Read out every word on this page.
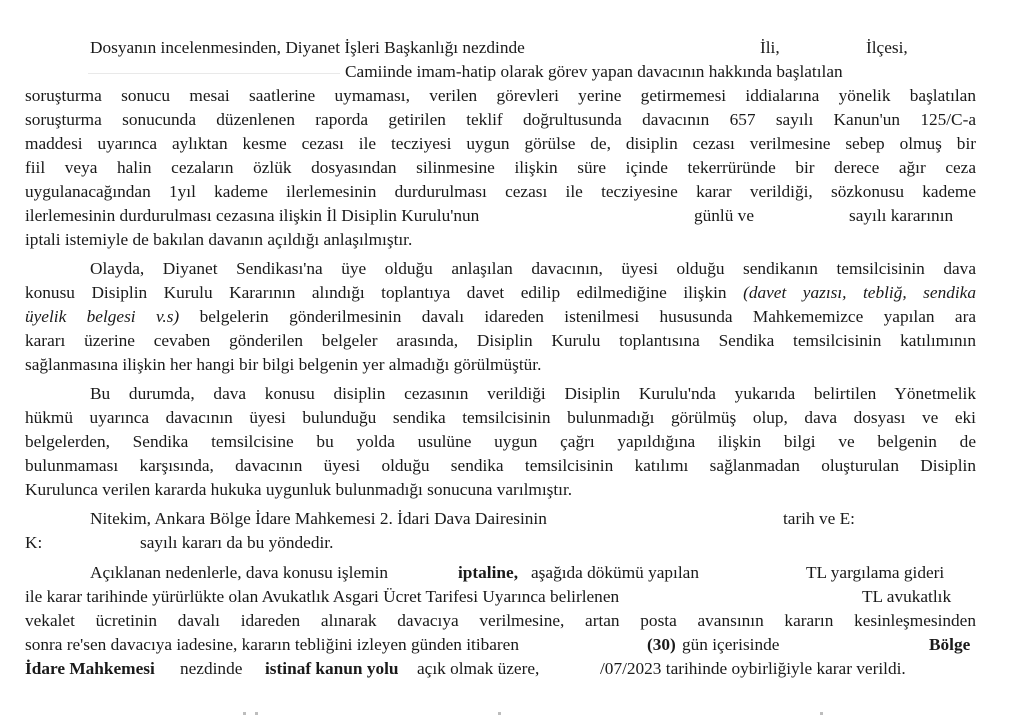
Dosyanın incelenmesinden, Diyanet İşleri Başkanlığı nezdinde	İli,	İlçesi,
Camiinde imam-hatip olarak görev yapan davacının hakkında başlatılan
soruşturma sonucu mesai saatlerine uymaması, verilen görevleri yerine getirmemesi iddialarına yönelik başlatılan
soruşturma sonucunda düzenlenen raporda getirilen teklif doğrultusunda davacının 657 sayılı Kanun'un 125/C-a
maddesi uyarınca aylıktan kesme cezası ile tecziyesi uygun görülse de, disiplin cezası verilmesine sebep olmuş bir
fiil veya halin cezaların özlük dosyasından silinmesine ilişkin süre içinde tekerrüründe bir derece ağır ceza
uygulanacağından 1yıl kademe ilerlemesinin durdurulması cezası ile tecziyesine karar verildiği, sözkonusu kademe
ilerlemesinin durdurulması cezasına ilişkin İl Disiplin Kurulu'nun	günlü ve	sayılı kararının
iptali istemiyle de bakılan davanın açıldığı anlaşılmıştır.
Olayda, Diyanet Sendikası'na üye olduğu anlaşılan davacının, üyesi olduğu sendikanın temsilcisinin dava
konusu Disiplin Kurulu Kararının alındığı toplantıya davet edilip edilmediğine ilişkin (davet yazısı, tebliğ, sendika
üyelik belgesi v.s) belgelerin gönderilmesinin davalı idareden istenilmesi hususunda Mahkememizce yapılan ara
kararı üzerine cevaben gönderilen belgeler arasında, Disiplin Kurulu toplantısına Sendika temsilcisinin katılımının
sağlanmasına ilişkin her hangi bir bilgi belgenin yer almadığı görülmüştür.
Bu durumda, dava konusu disiplin cezasının verildiği Disiplin Kurulu'nda yukarıda belirtilen Yönetmelik
hükmü uyarınca davacının üyesi bulunduğu sendika temsilcisinin bulunmadığı görülmüş olup, dava dosyası ve eki
belgelerden, Sendika temsilcisine bu yolda usulüne uygun çağrı yapıldığına ilişkin bilgi ve belgenin de
bulunmaması karşısında, davacının üyesi olduğu sendika temsilcisinin katılımı sağlanmadan oluşturulan Disiplin
Kurulunca verilen kararda hukuka uygunluk bulunmadığı sonucuna varılmıştır.
Nitekim, Ankara Bölge İdare Mahkemesi 2. İdari Dava Dairesinin	tarih ve E:
K:	sayılı kararı da bu yöndedir.
Açıklanan nedenlerle, dava konusu işlemin	iptaline, aşağıda dökümü yapılan	TL yargılama gideri
ile karar tarihinde yürürlükte olan Avukatlık Asgari Ücret Tarifesi Uyarınca belirlenen	TL avukatlık
vekalet ücretinin davalı idareden alınarak davacıya verilmesine, artan posta avansının kararın kesinleşmesinden
sonra re'sen davacıya iadesine, kararın tebliğini izleyen günden itibaren	(30) gün içerisinde	Bölge
İdare Mahkemesi nezdinde istinaf kanun yolu açık olmak üzere,	/07/2023 tarihinde oybirliğiyle karar verildi.
